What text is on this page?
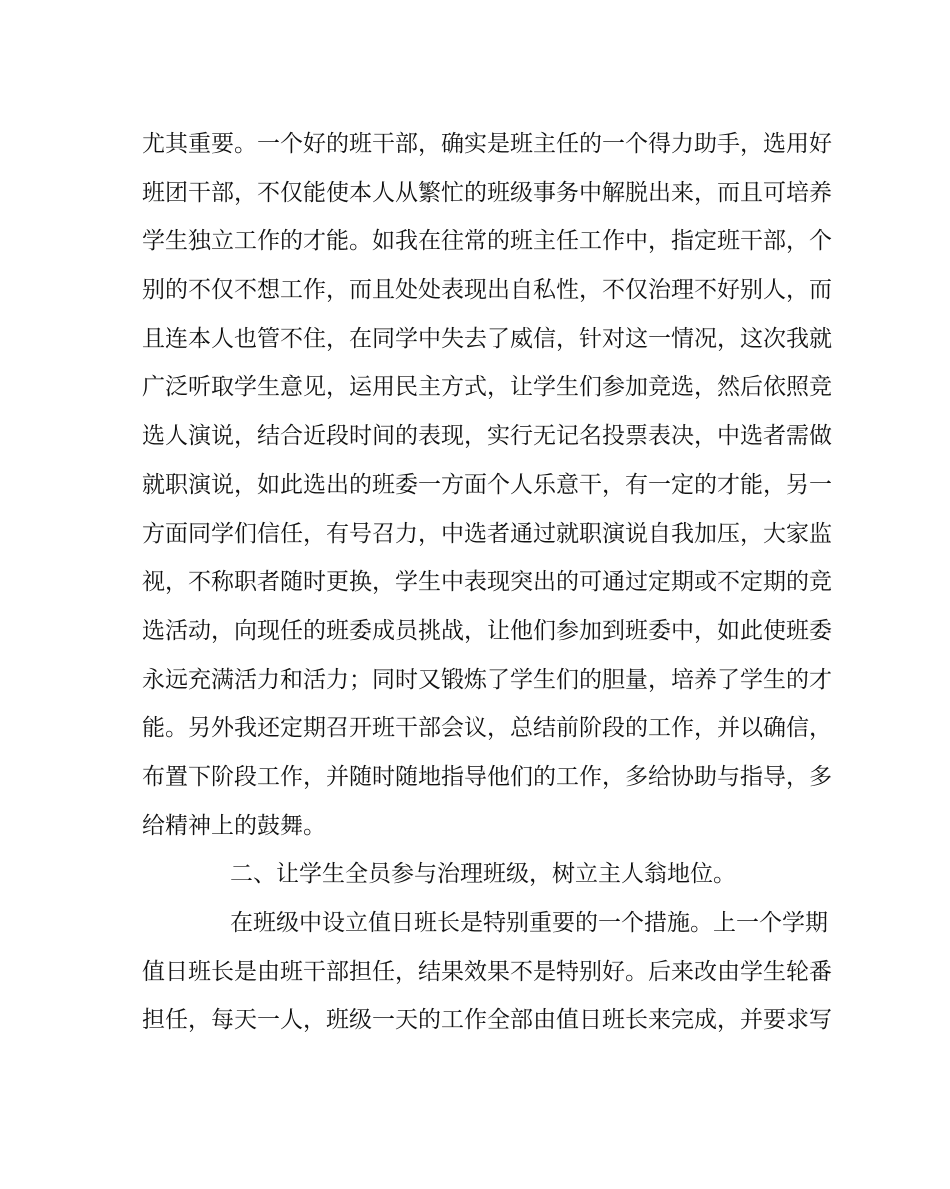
尤其重要。一个好的班干部，确实是班主任的一个得力助手，选用好
班团干部，不仅能使本人从繁忙的班级事务中解脱出来，而且可培养
学生独立工作的才能。如我在往常的班主任工作中，指定班干部，个
别的不仅不想工作，而且处处表现出自私性，不仅治理不好别人，而
且连本人也管不住，在同学中失去了威信，针对这一情况，这次我就
广泛听取学生意见，运用民主方式，让学生们参加竞选，然后依照竞
选人演说，结合近段时间的表现，实行无记名投票表决，中选者需做
就职演说，如此选出的班委一方面个人乐意干，有一定的才能，另一
方面同学们信任，有号召力，中选者通过就职演说自我加压，大家监
视，不称职者随时更换，学生中表现突出的可通过定期或不定期的竞
选活动，向现任的班委成员挑战，让他们参加到班委中，如此使班委
永远充满活力和活力；同时又锻炼了学生们的胆量，培养了学生的才
能。另外我还定期召开班干部会议，总结前阶段的工作，并以确信，
布置下阶段工作，并随时随地指导他们的工作，多给协助与指导，多
给精神上的鼓舞。
二、让学生全员参与治理班级，树立主人翁地位。
在班级中设立值日班长是特别重要的一个措施。上一个学期
值日班长是由班干部担任，结果效果不是特别好。后来改由学生轮番
担任，每天一人，班级一天的工作全部由值日班长来完成，并要求写
